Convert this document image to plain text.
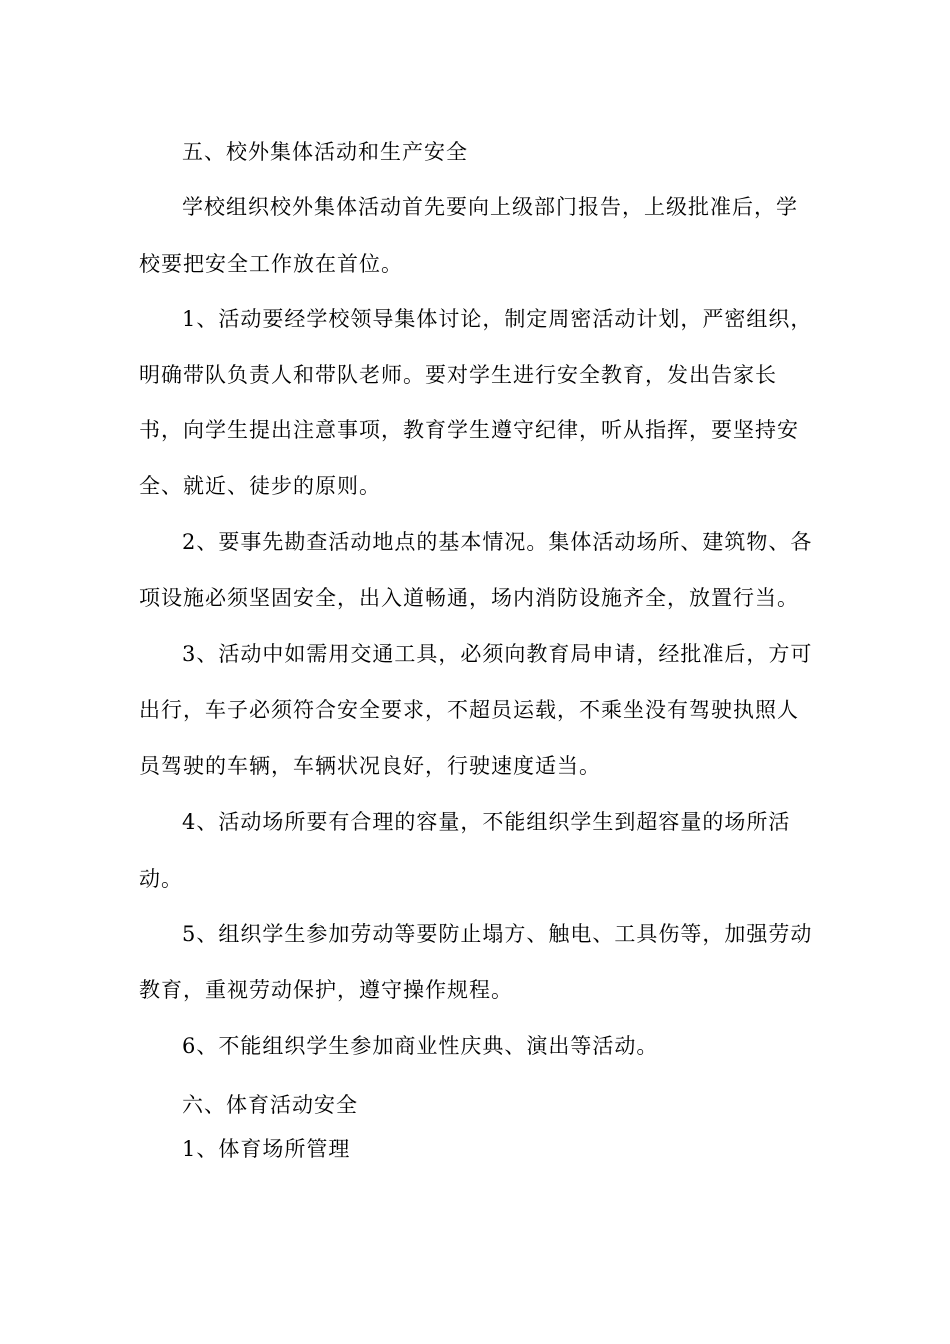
五、校外集体活动和生产安全
学校组织校外集体活动首先要向上级部门报告，上级批准后，学
校要把安全工作放在首位。
1、活动要经学校领导集体讨论，制定周密活动计划，严密组织，
明确带队负责人和带队老师。要对学生进行安全教育，发出告家长
书，向学生提出注意事项，教育学生遵守纪律，听从指挥，要坚持安
全、就近、徒步的原则。
2、要事先勘查活动地点的基本情况。集体活动场所、建筑物、各
项设施必须坚固安全，出入道畅通，场内消防设施齐全，放置行当。
3、活动中如需用交通工具，必须向教育局申请，经批准后，方可
出行，车子必须符合安全要求，不超员运载，不乘坐没有驾驶执照人
员驾驶的车辆，车辆状况良好，行驶速度适当。
4、活动场所要有合理的容量，不能组织学生到超容量的场所活
动。
5、组织学生参加劳动等要防止塌方、触电、工具伤等，加强劳动
教育，重视劳动保护，遵守操作规程。
6、不能组织学生参加商业性庆典、演出等活动。
六、体育活动安全
1、体育场所管理
